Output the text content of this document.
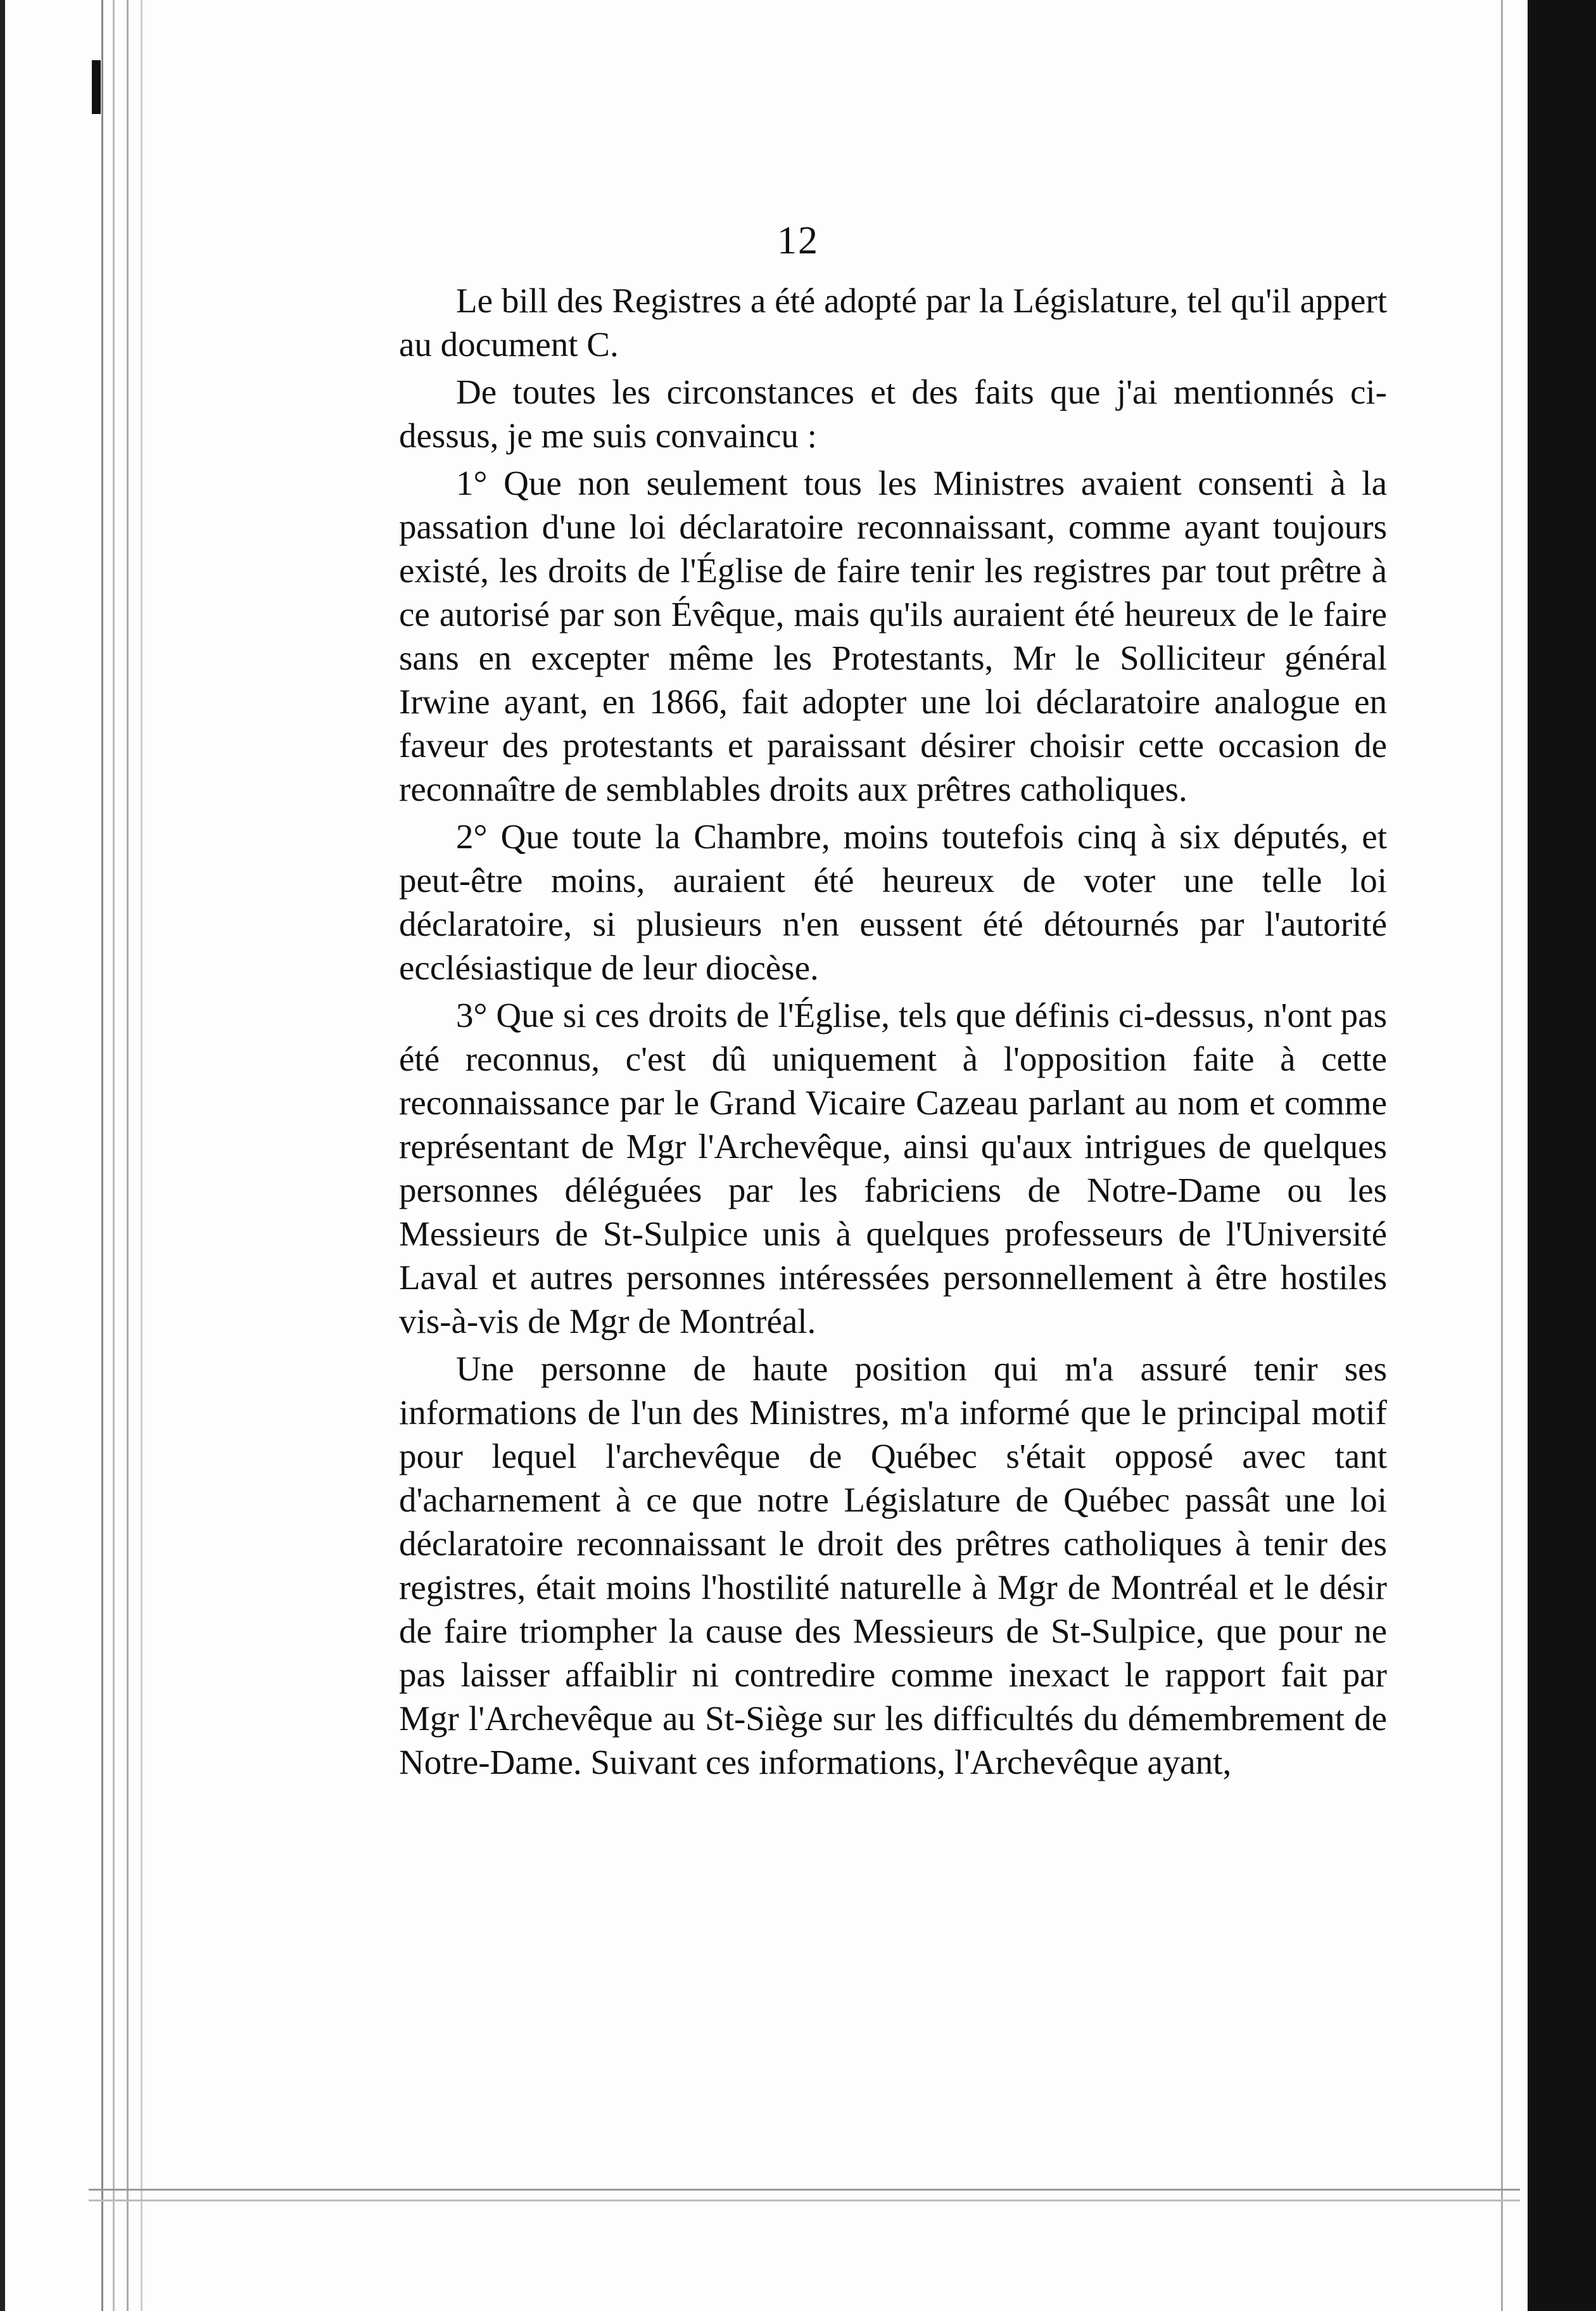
12

Le bill des Registres a été adopté par la Législature, tel qu'il appert au document C.

De toutes les circonstances et des faits que j'ai mentionnés ci-dessus, je me suis convaincu :

1° Que non seulement tous les Ministres avaient consenti à la passation d'une loi déclaratoire reconnaissant, comme ayant toujours existé, les droits de l'Église de faire tenir les registres par tout prêtre à ce autorisé par son Évêque, mais qu'ils auraient été heureux de le faire sans en excepter même les Protestants, Mr le Solliciteur général Irwine ayant, en 1866, fait adopter une loi déclaratoire analogue en faveur des protestants et paraissant désirer choisir cette occasion de reconnaître de semblables droits aux prêtres catholiques.

2° Que toute la Chambre, moins toutefois cinq à six députés, et peut-être moins, auraient été heureux de voter une telle loi déclaratoire, si plusieurs n'en eussent été détournés par l'autorité ecclésiastique de leur diocèse.

3° Que si ces droits de l'Église, tels que définis ci-dessus, n'ont pas été reconnus, c'est dû uniquement à l'opposition faite à cette reconnaissance par le Grand Vicaire Cazeau parlant au nom et comme représentant de Mgr l'Archevêque, ainsi qu'aux intrigues de quelques personnes déléguées par les fabriciens de Notre-Dame ou les Messieurs de St-Sulpice unis à quelques professeurs de l'Université Laval et autres personnes intéressées personnellement à être hostiles vis-à-vis de Mgr de Montréal.

Une personne de haute position qui m'a assuré tenir ses informations de l'un des Ministres, m'a informé que le principal motif pour lequel l'archevêque de Québec s'était opposé avec tant d'acharnement à ce que notre Législature de Québec passât une loi déclaratoire reconnaissant le droit des prêtres catholiques à tenir des registres, était moins l'hostilité naturelle à Mgr de Montréal et le désir de faire triompher la cause des Messieurs de St-Sulpice, que pour ne pas laisser affaiblir ni contredire comme inexact le rapport fait par Mgr l'Archevêque au St-Siège sur les difficultés du démembrement de Notre-Dame. Suivant ces informations, l'Archevêque ayant,
